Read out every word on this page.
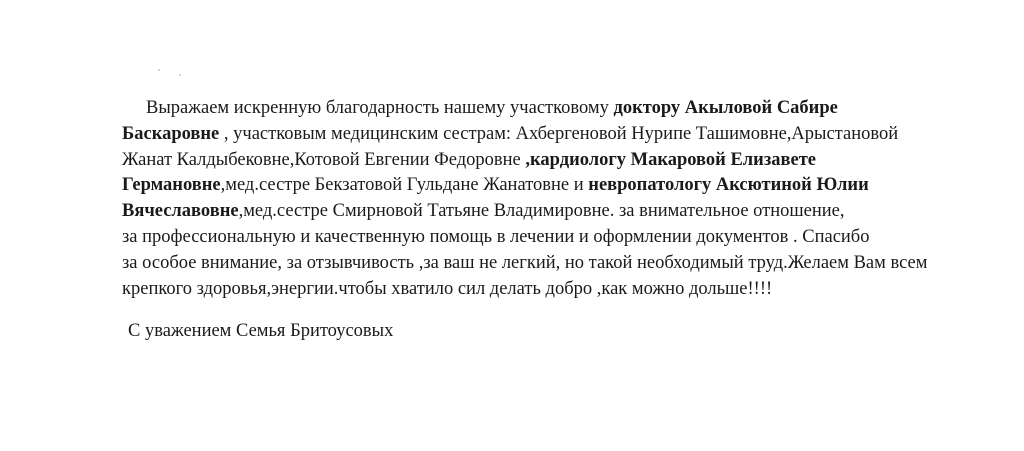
Выражаем искренную благодарность нашему участковому доктору Акыловой Сабире
Баскаровне , участковым медицинским сестрам: Ахбергеновой Нурипе Ташимовне,Арыстановой
Жанат Калдыбековне,Котовой Евгении Федоровне ,кардиологу Макаровой Елизавете
Германовне,мед.сестре Бекзатовой Гульдане Жанатовне и невропатологу Аксютиной Юлии
Вячеславовне,мед.сестре Смирновой Татьяне Владимировне. за внимательное отношение,
за профессиональную и качественную помощь в лечении и оформлении документов . Спасибо
за особое внимание, за отзывчивость ,за ваш не легкий, но такой необходимый труд.Желаем Вам всем
крепкого здоровья,энергии.чтобы хватило сил делать добро ,как можно дольше!!!!

С уважением Семья Бритоусовых
